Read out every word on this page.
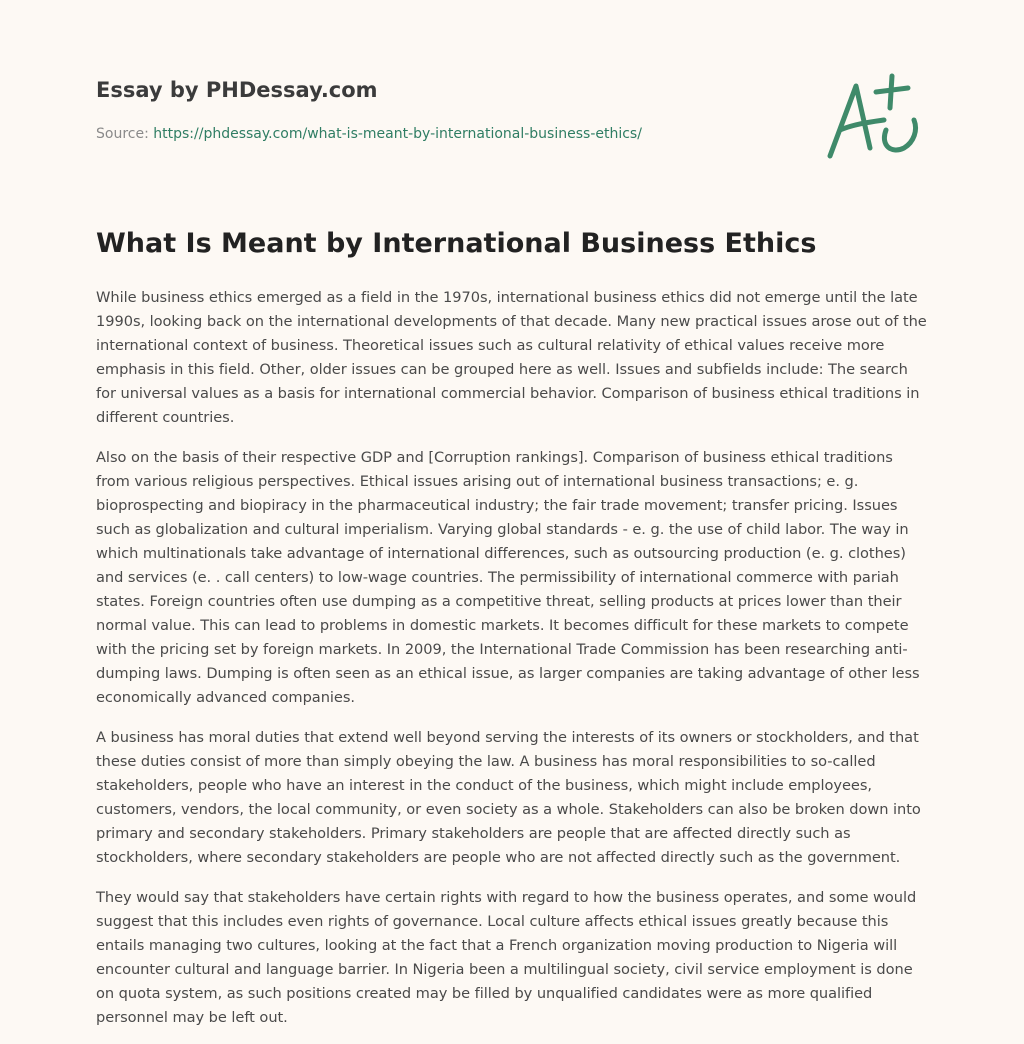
Essay by PHDessay.com

Source: https://phdessay.com/what-is-meant-by-international-business-ethics/
What Is Meant by International Business Ethics

While business ethics emerged as a field in the 1970s, international business ethics did not emerge until the late 1990s, looking back on the international developments of that decade. Many new practical issues arose out of the international context of business. Theoretical issues such as cultural relativity of ethical values receive more emphasis in this field. Other, older issues can be grouped here as well. Issues and subfields include: The search for universal values as a basis for international commercial behavior. Comparison of business ethical traditions in different countries.

Also on the basis of their respective GDP and [Corruption rankings]. Comparison of business ethical traditions from various religious perspectives. Ethical issues arising out of international business transactions; e. g. bioprospecting and biopiracy in the pharmaceutical industry; the fair trade movement; transfer pricing. Issues such as globalization and cultural imperialism. Varying global standards - e. g. the use of child labor. The way in which multinationals take advantage of international differences, such as outsourcing production (e. g. clothes) and services (e. . call centers) to low-wage countries. The permissibility of international commerce with pariah states. Foreign countries often use dumping as a competitive threat, selling products at prices lower than their normal value. This can lead to problems in domestic markets. It becomes difficult for these markets to compete with the pricing set by foreign markets. In 2009, the International Trade Commission has been researching anti-dumping laws. Dumping is often seen as an ethical issue, as larger companies are taking advantage of other less economically advanced companies.

A business has moral duties that extend well beyond serving the interests of its owners or stockholders, and that these duties consist of more than simply obeying the law. A business has moral responsibilities to so-called stakeholders, people who have an interest in the conduct of the business, which might include employees, customers, vendors, the local community, or even society as a whole. Stakeholders can also be broken down into primary and secondary stakeholders. Primary stakeholders are people that are affected directly such as stockholders, where secondary stakeholders are people who are not affected directly such as the government.

They would say that stakeholders have certain rights with regard to how the business operates, and some would suggest that this includes even rights of governance. Local culture affects ethical issues greatly because this entails managing two cultures, looking at the fact that a French organization moving production to Nigeria will encounter cultural and language barrier. In Nigeria been a multilingual society, civil service employment is done on quota system, as such positions created may be filled by unqualified candidates were as more qualified personnel may be left out.
